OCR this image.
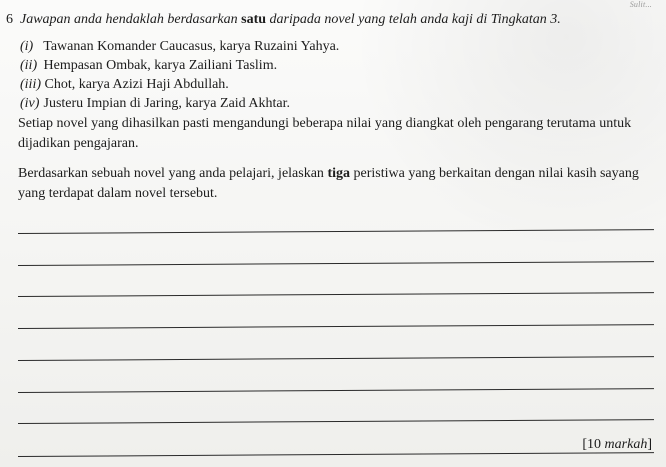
Sulit...
6 Jawapan anda hendaklah berdasarkan satu daripada novel yang telah anda kaji di Tingkatan 3.
(i) Tawanan Komander Caucasus, karya Ruzaini Yahya.
(ii) Hempasan Ombak, karya Zailiani Taslim.
(iii) Chot, karya Azizi Haji Abdullah.
(iv) Justeru Impian di Jaring, karya Zaid Akhtar.
Setiap novel yang dihasilkan pasti mengandungi beberapa nilai yang diangkat oleh pengarang terutama untuk dijadikan pengajaran.
Berdasarkan sebuah novel yang anda pelajari, jelaskan tiga peristiwa yang berkaitan dengan nilai kasih sayang yang terdapat dalam novel tersebut.
[10 markah]
